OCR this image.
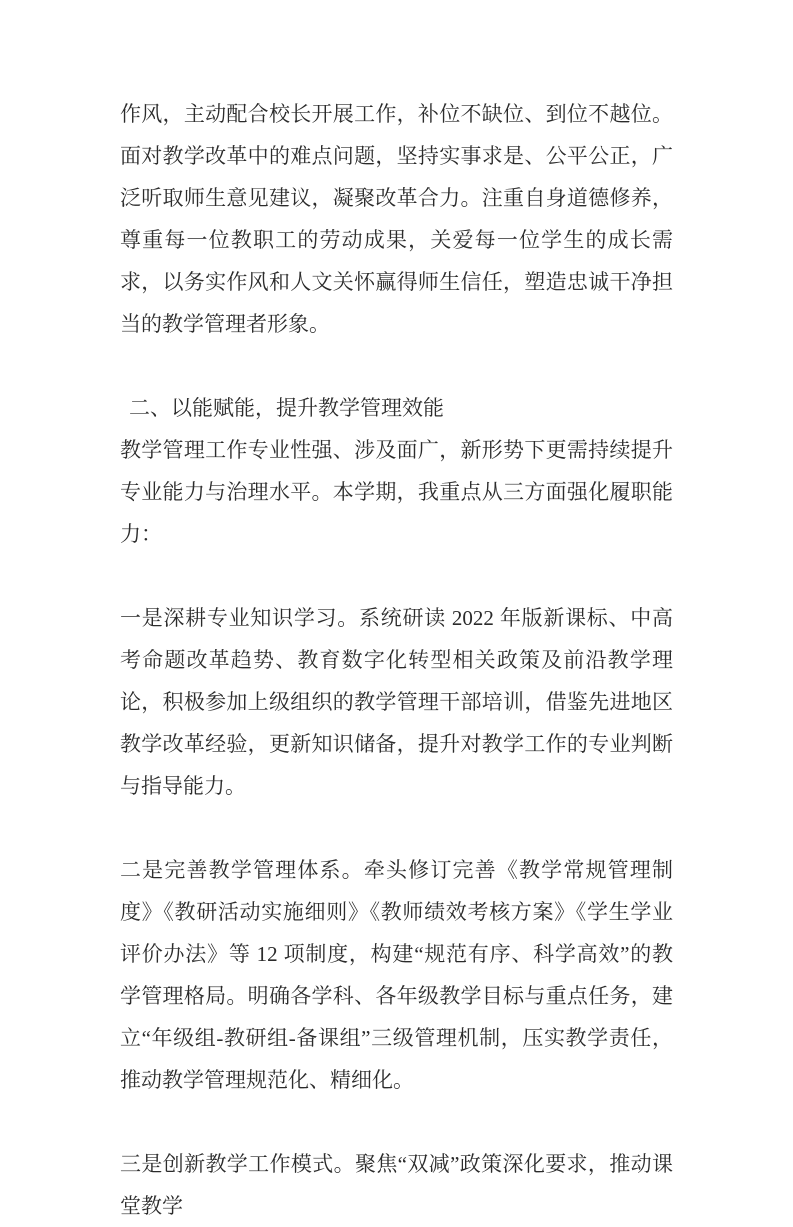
作风，主动配合校长开展工作，补位不缺位、到位不越位。面对教学改革中的难点问题，坚持实事求是、公平公正，广泛听取师生意见建议，凝聚改革合力。注重自身道德修养，尊重每一位教职工的劳动成果，关爱每一位学生的成长需求，以务实作风和人文关怀赢得师生信任，塑造忠诚干净担当的教学管理者形象。

二、以能赋能，提升教学管理效能

教学管理工作专业性强、涉及面广，新形势下更需持续提升专业能力与治理水平。本学期，我重点从三方面强化履职能力：

一是深耕专业知识学习。系统研读 2022 年版新课标、中高考命题改革趋势、教育数字化转型相关政策及前沿教学理论，积极参加上级组织的教学管理干部培训，借鉴先进地区教学改革经验，更新知识储备，提升对教学工作的专业判断与指导能力。

二是完善教学管理体系。牵头修订完善《教学常规管理制度》《教研活动实施细则》《教师绩效考核方案》《学生学业评价办法》等 12 项制度，构建“规范有序、科学高效”的教学管理格局。明确各学科、各年级教学目标与重点任务，建立“年级组-教研组-备课组”三级管理机制，压实教学责任，推动教学管理规范化、精细化。

三是创新教学工作模式。聚焦“双减”政策深化要求，推动课堂教学
